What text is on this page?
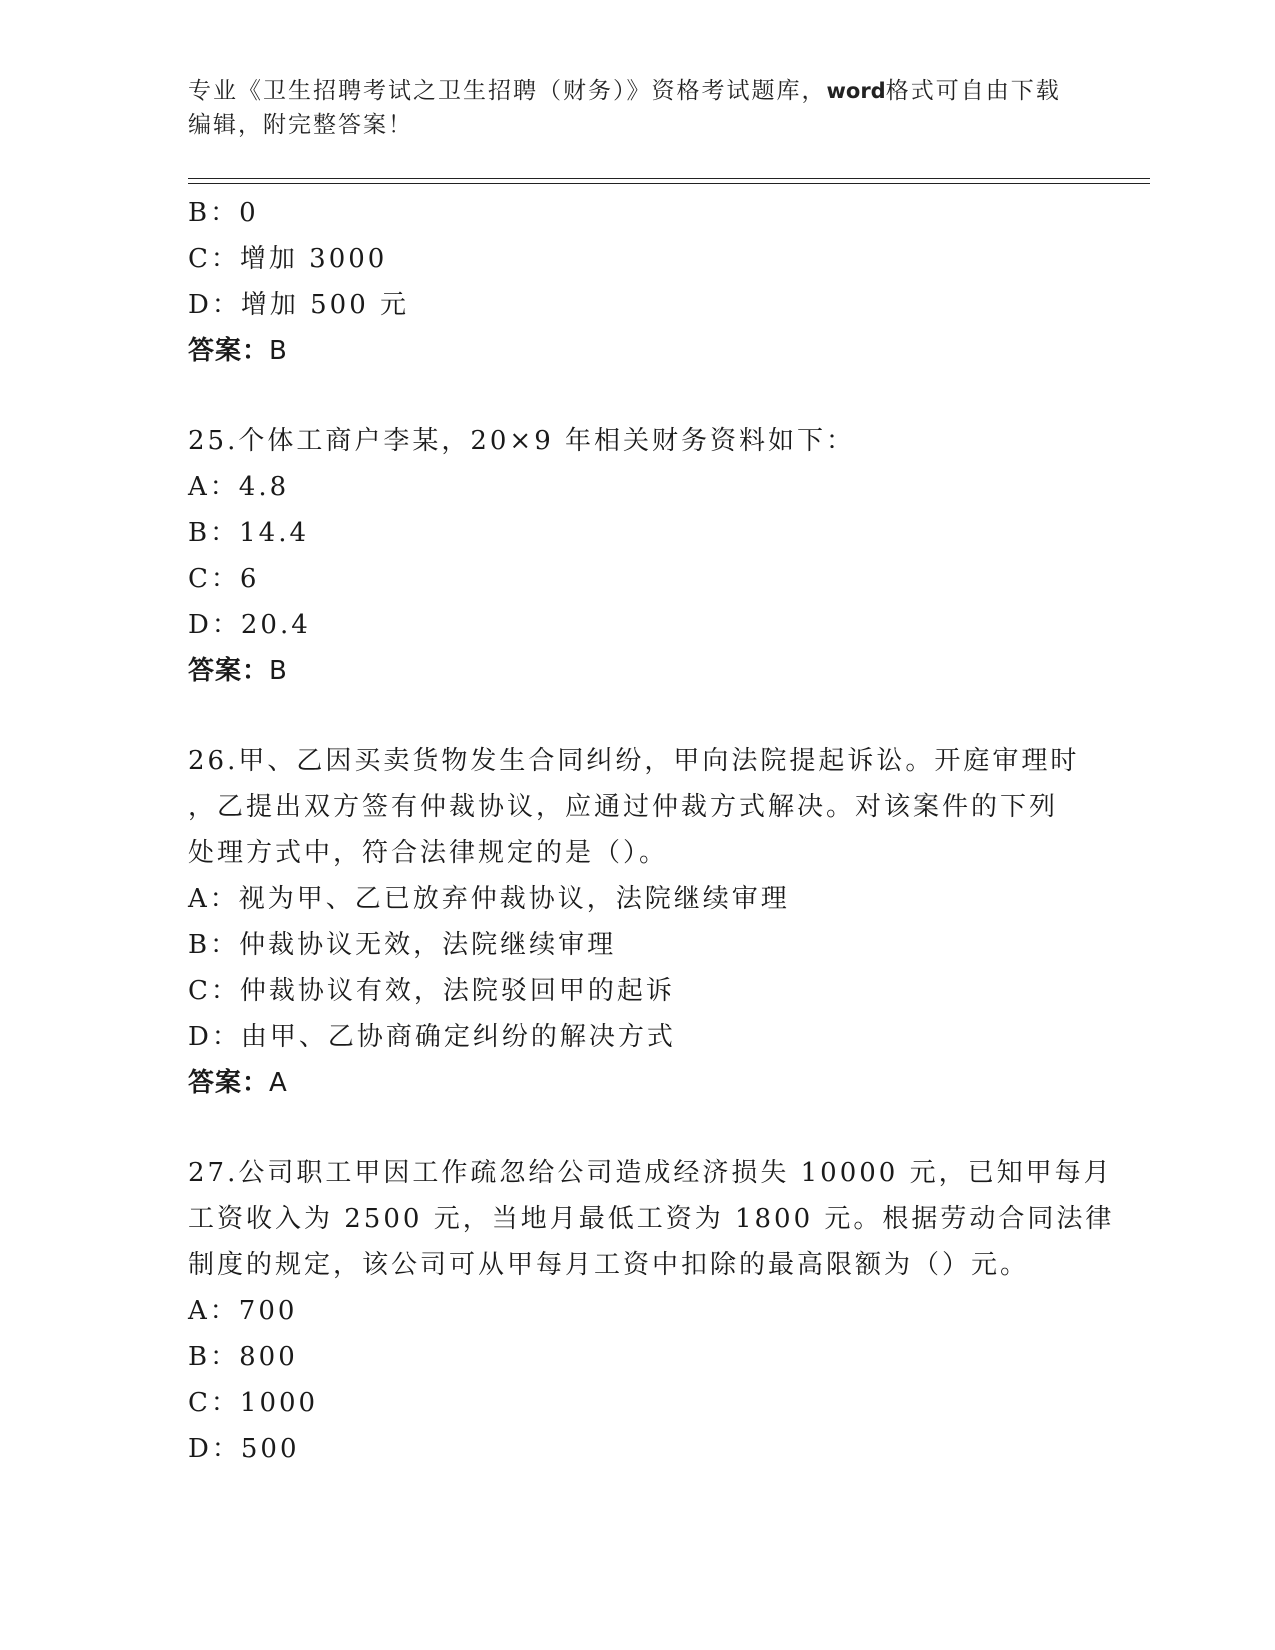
专业《卫生招聘考试之卫生招聘（财务）》资格考试题库，word格式可自由下载
编辑，附完整答案！
B：0
C：增加 3000
D：增加 500 元
答案：B
25.个体工商户李某，20×9 年相关财务资料如下：
A：4.8
B：14.4
C：6
D：20.4
答案：B
26.甲、乙因买卖货物发生合同纠纷，甲向法院提起诉讼。开庭审理时
，乙提出双方签有仲裁协议，应通过仲裁方式解决。对该案件的下列
处理方式中，符合法律规定的是（）。
A：视为甲、乙已放弃仲裁协议，法院继续审理
B：仲裁协议无效，法院继续审理
C：仲裁协议有效，法院驳回甲的起诉
D：由甲、乙协商确定纠纷的解决方式
答案：A
27.公司职工甲因工作疏忽给公司造成经济损失 10000 元，已知甲每月
工资收入为 2500 元，当地月最低工资为 1800 元。根据劳动合同法律
制度的规定，该公司可从甲每月工资中扣除的最高限额为（）元。
A：700
B：800
C：1000
D：500
